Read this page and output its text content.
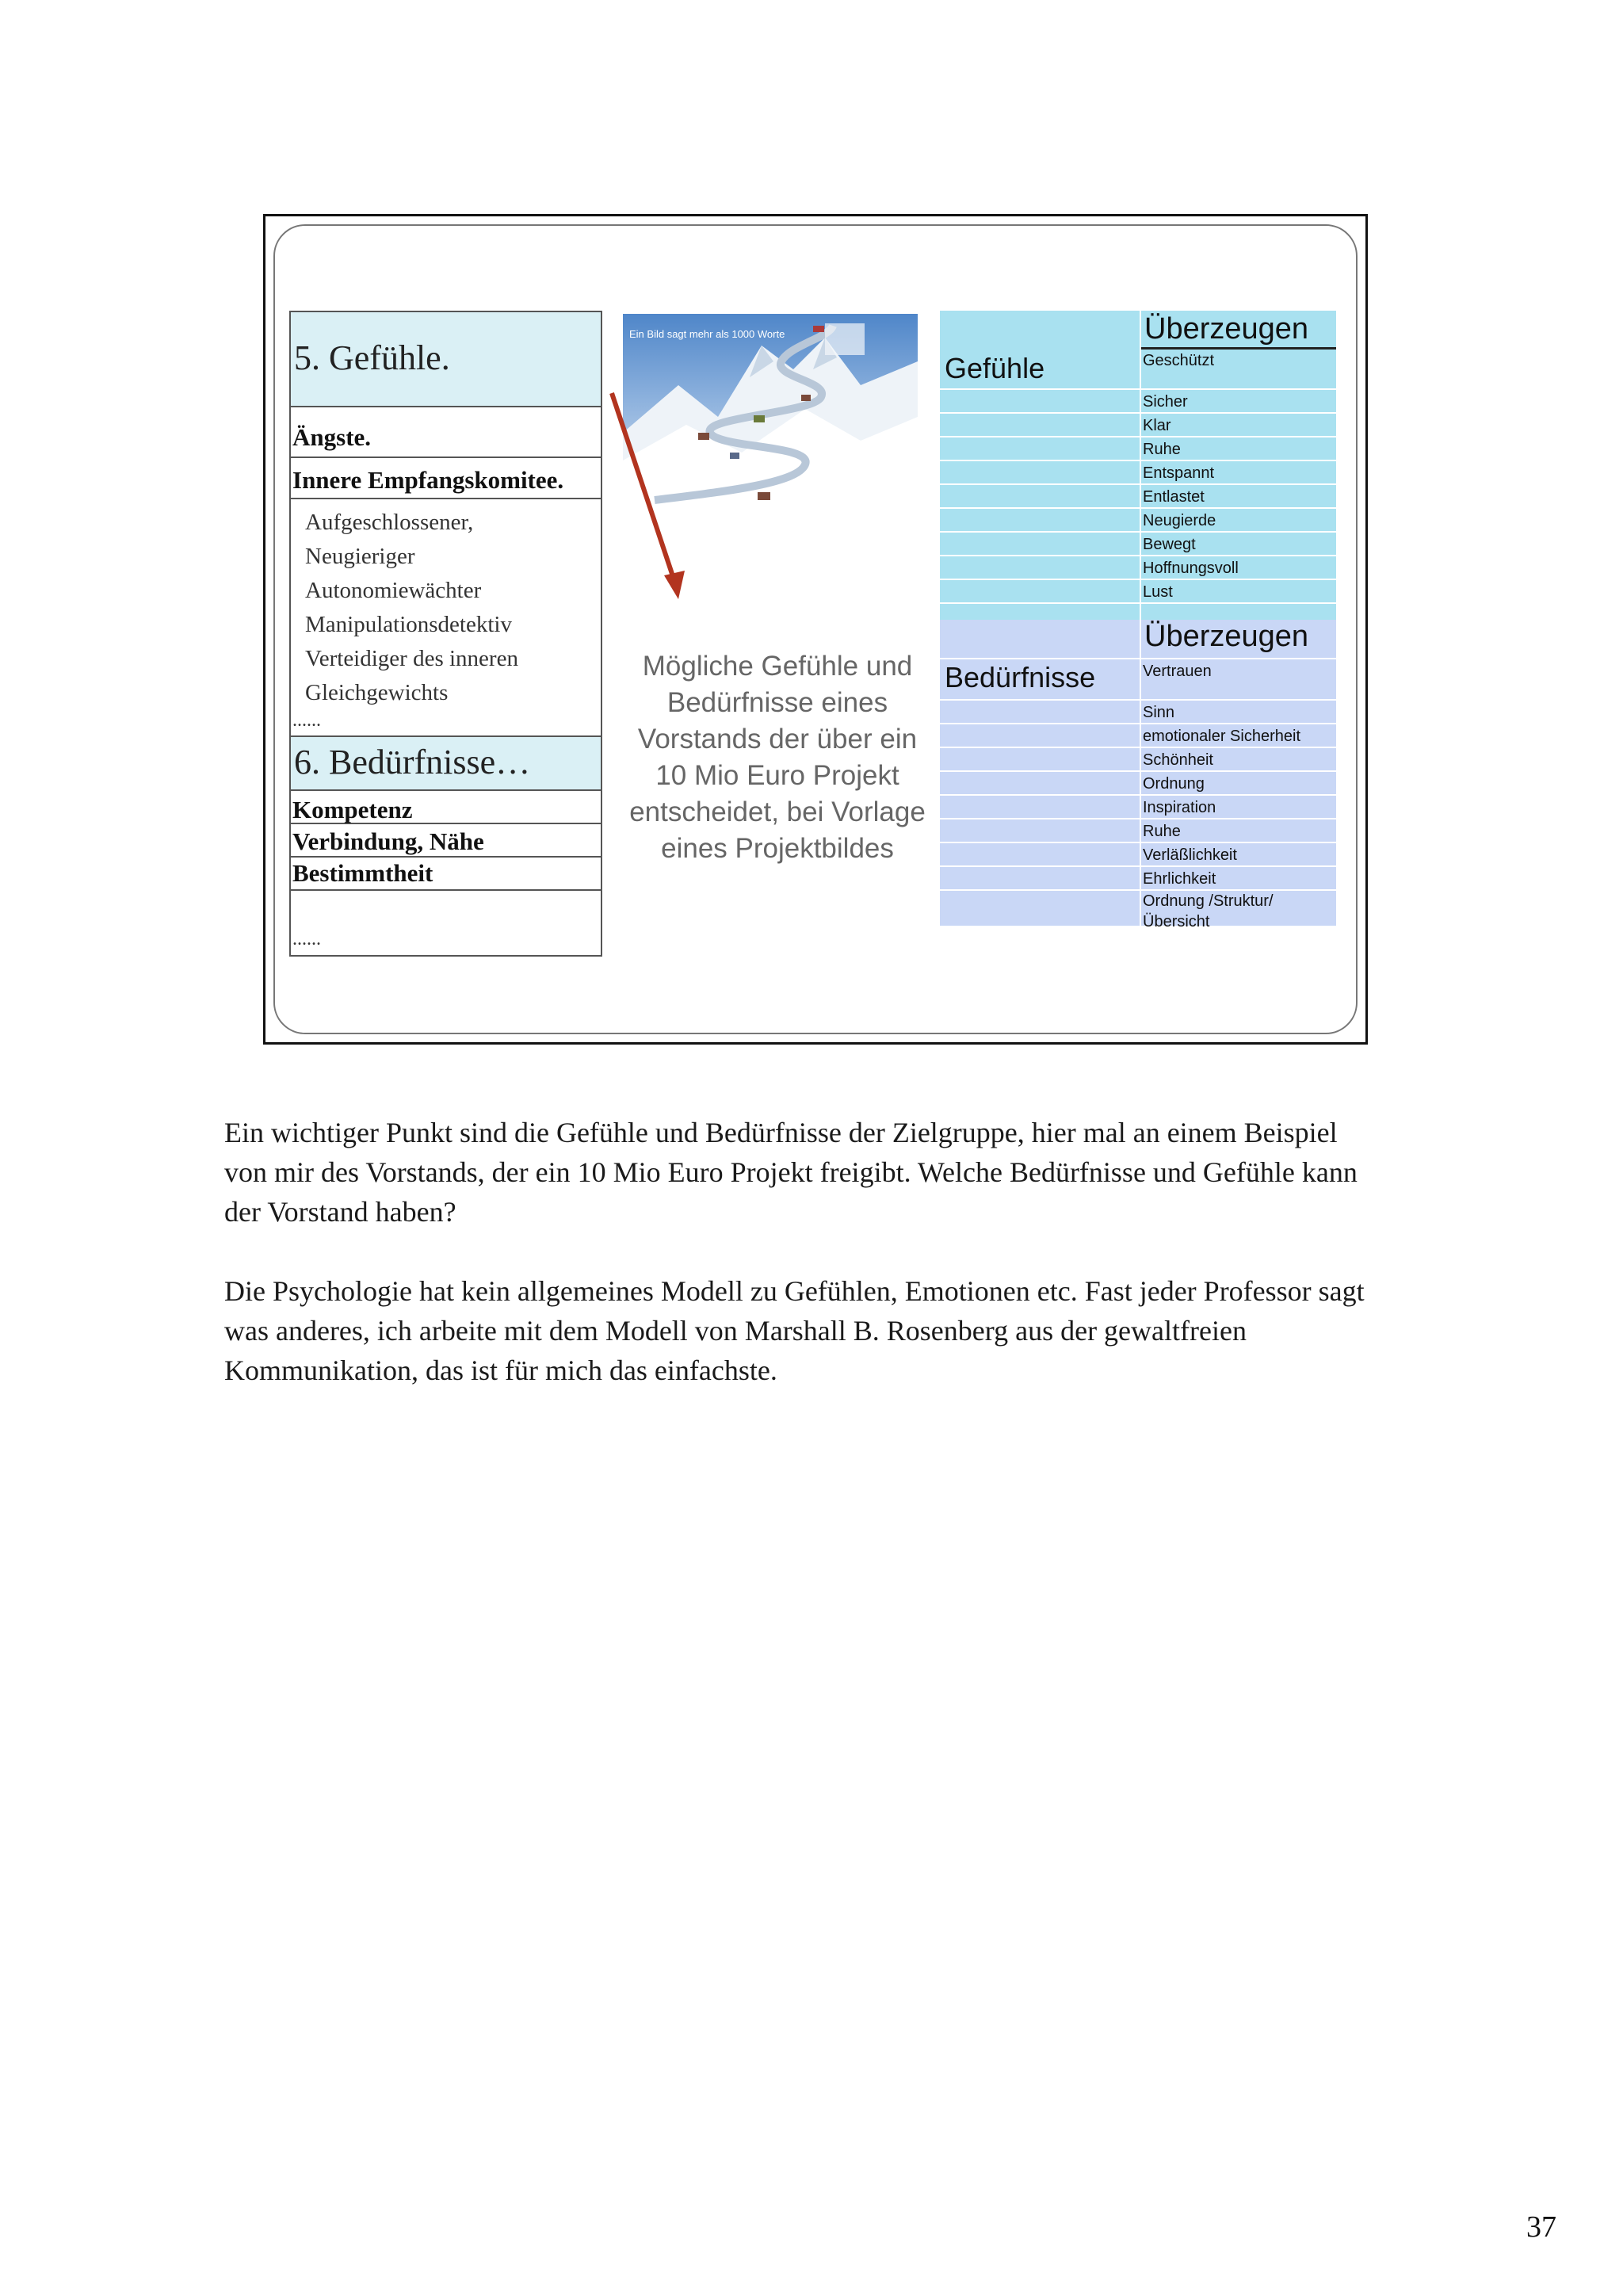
5. Gefühle.
Ängste.
Innere Empfangskomitee.
Aufgeschlossener,
Neugieriger
Autonomiewächter
Manipulationsdetektiv
Verteidiger des inneren
Gleichgewichts
......
6. Bedürfnisse…
Kompetenz
Verbindung, Nähe
Bestimmtheit
......
Ein Bild sagt mehr als 1000 Worte
Mögliche Gefühle und
Bedürfnisse eines
Vorstands der über ein
10 Mio Euro Projekt
entscheidet, bei Vorlage
eines Projektbildes
Überzeugen
Gefühle	Geschützt
Sicher
Klar
Ruhe
Entspannt
Entlastet
Neugierde
Bewegt
Hoffnungsvoll
Lust
Überzeugen
Bedürfnisse	Vertrauen
Sinn
emotionaler Sicherheit
Schönheit
Ordnung
Inspiration
Ruhe
Verläßlichkeit
Ehrlichkeit
Ordnung /Struktur/
Übersicht
Ein wichtiger Punkt sind die Gefühle und Bedürfnisse der Zielgruppe, hier mal an einem Beispiel
von mir des Vorstands, der ein 10 Mio Euro Projekt freigibt. Welche Bedürfnisse und Gefühle kann
der Vorstand haben?
Die Psychologie hat kein allgemeines Modell zu Gefühlen, Emotionen etc. Fast jeder Professor sagt
was anderes, ich arbeite mit dem Modell von Marshall B. Rosenberg aus der gewaltfreien
Kommunikation, das ist für mich das einfachste.
37
